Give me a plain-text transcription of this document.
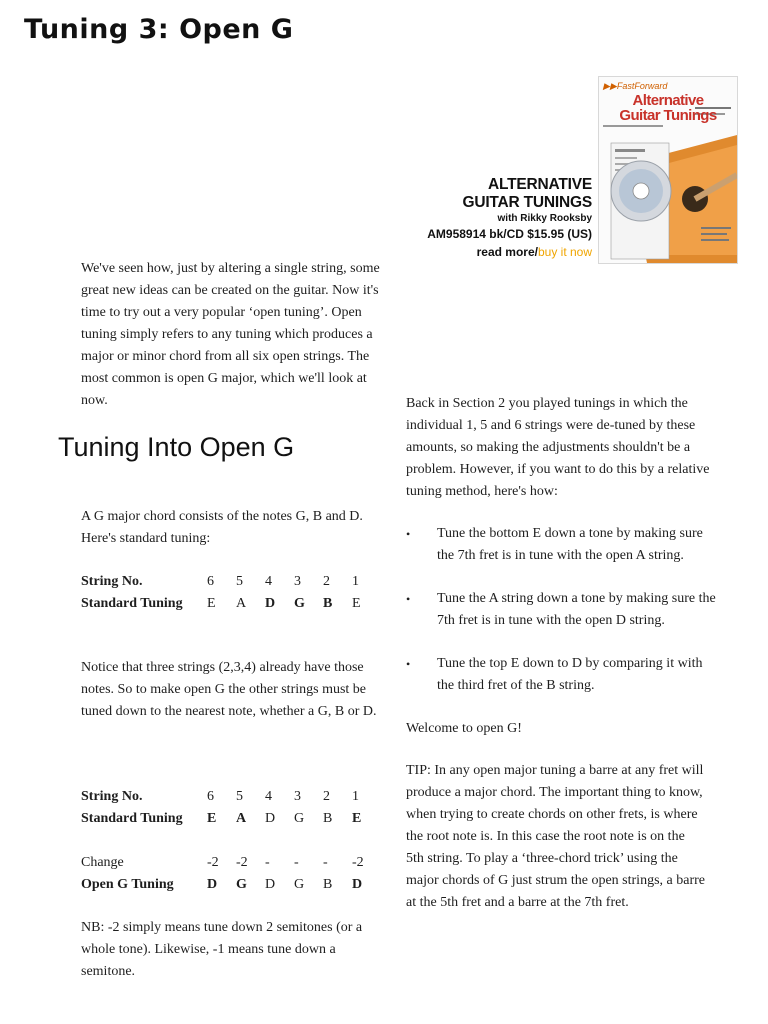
Tuning 3: Open G
▶▶FastForward
Alternative
Guitar Tunings
ALTERNATIVE
GUITAR TUNINGS
with Rikky Rooksby
AM958914 bk/CD $15.95 (US)
read more/buy it now

We've seen how, just by altering a single string, some great new ideas can be created on the guitar. Now it's time to try out a very popular ‘open tuning’. Open tuning simply refers to any tuning which produces a major or minor chord from all six open strings. The most common is open G major, which we'll look at now.

Tuning Into Open G

A G major chord consists of the notes G, B and D. Here's standard tuning:

String No.	6	5	4	3	2	1
Standard Tuning	E	A	D	G	B	E

Notice that three strings (2,3,4) already have those notes. So to make open G the other strings must be tuned down to the nearest note, whether a G, B or D.

String No.	6	5	4	3	2	1
Standard Tuning	E	A	D	G	B	E

Change	-2	-2	-	-	-	-2
Open G Tuning	D	G	D	G	B	D

NB: -2 simply means tune down 2 semitones (or a whole tone). Likewise, -1 means tune down a semitone.

Back in Section 2 you played tunings in which the individual 1, 5 and 6 strings were de-tuned by these amounts, so making the adjustments shouldn't be a problem. However, if you want to do this by a relative tuning method, here's how:

• Tune the bottom E down a tone by making sure the 7th fret is in tune with the open A string.
• Tune the A string down a tone by making sure the 7th fret is in tune with the open D string.
• Tune the top E down to D by comparing it with the third fret of the B string.

Welcome to open G!

TIP: In any open major tuning a barre at any fret will produce a major chord. The important thing to know, when trying to create chords on other frets, is where the root note is. In this case the root note is on the 5th string. To play a ‘three-chord trick’ using the major chords of G just strum the open strings, a barre at the 5th fret and a barre at the 7th fret.
